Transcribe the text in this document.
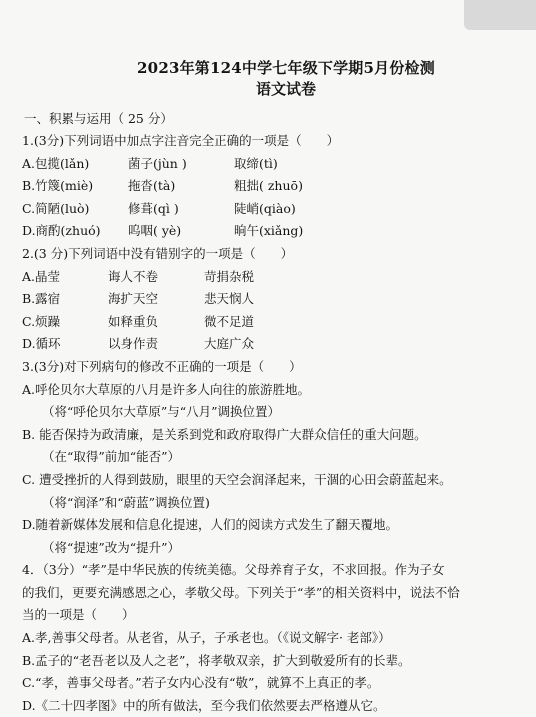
2023年第124中学七年级下学期5月份检测
语文试卷
一、积累与运用（ 25 分）
1.(3分)下列词语中加点字注音完全正确的一项是（　　）
A.包揽(lǎn)	菌子(jùn )	取缔(tì)
B.竹篾(miè)	拖沓(tà)	粗拙( zhuō)
C.简陋(luò)	修葺(qì )	陡峭(qiào)
D.商酌(zhuó) 呜咽( yè)	晌午(xiǎng)
2.(3 分)下列词语中没有错别字的一项是（　　）
A.晶莹	诲人不卷	苛捐杂税
B.露宿	海扩天空	悲天悯人
C.烦躁	如释重负	微不足道
D.循环	以身作责	大庭广众
3.(3分)对下列病句的修改不正确的一项是（　　）
A.呼伦贝尔大草原的八月是许多人向往的旅游胜地。
（将“呼伦贝尔大草原”与“八月”调换位置）
B. 能否保持为政清廉，是关系到党和政府取得广大群众信任的重大问题。
（在“取得”前加“能否”）
C. 遭受挫折的人得到鼓励，眼里的天空会润泽起来，干涸的心田会蔚蓝起来。
（将“润泽”和“蔚蓝”调换位置)
D.随着新媒体发展和信息化提速，人们的阅读方式发生了翻天覆地。
（将“提速”改为“提升”）
4．（3分）“孝”是中华民族的传统美德。父母养育子女，不求回报。作为子女
的我们，更要充满感恩之心，孝敬父母。下列关于“孝”的相关资料中，说法不恰
当的一项是（　　）
A.孝,善事父母者。从老省，从子，子承老也。（《说文解字· 老部》）
B.孟子的“老吾老以及人之老”，将孝敬双亲，扩大到敬爱所有的长辈。
C.“孝，善事父母者。”若子女内心没有“敬”，就算不上真正的孝。
D.《二十四孝图》中的所有做法，至今我们依然要去严格遵从它。
